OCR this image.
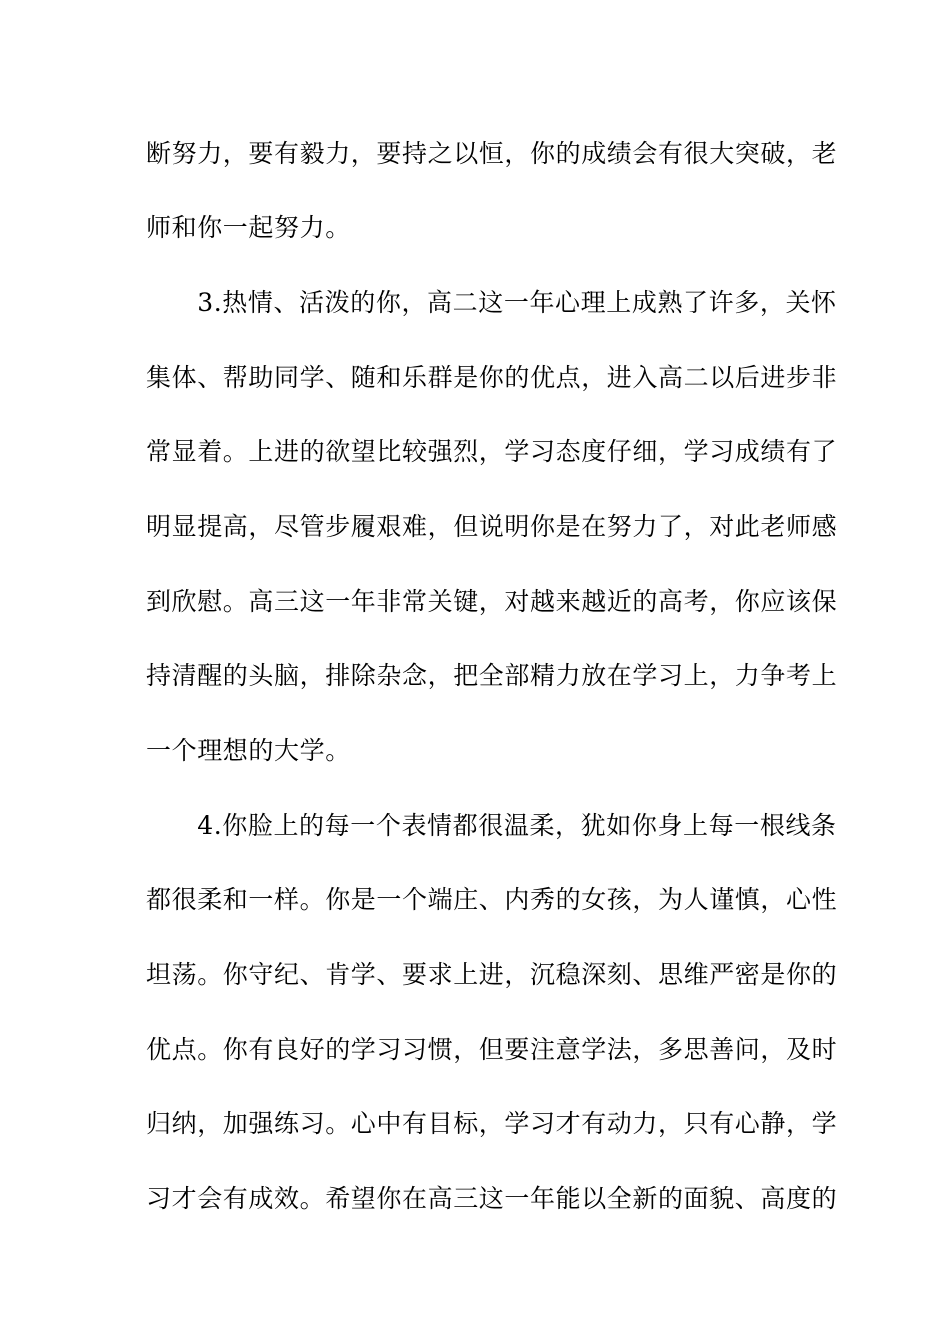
断努力，要有毅力，要持之以恒，你的成绩会有很大突破，老
师和你一起努力。
　　3.热情、活泼的你，高二这一年心理上成熟了许多，关怀
集体、帮助同学、随和乐群是你的优点，进入高二以后进步非
常显着。上进的欲望比较强烈，学习态度仔细，学习成绩有了
明显提高，尽管步履艰难，但说明你是在努力了，对此老师感
到欣慰。高三这一年非常关键，对越来越近的高考，你应该保
持清醒的头脑，排除杂念，把全部精力放在学习上，力争考上
一个理想的大学。
　　4.你脸上的每一个表情都很温柔，犹如你身上每一根线条
都很柔和一样。你是一个端庄、内秀的女孩，为人谨慎，心性
坦荡。你守纪、肯学、要求上进，沉稳深刻、思维严密是你的
优点。你有良好的学习习惯，但要注意学法，多思善问，及时
归纳，加强练习。心中有目标，学习才有动力，只有心静，学
习才会有成效。希望你在高三这一年能以全新的面貌、高度的
